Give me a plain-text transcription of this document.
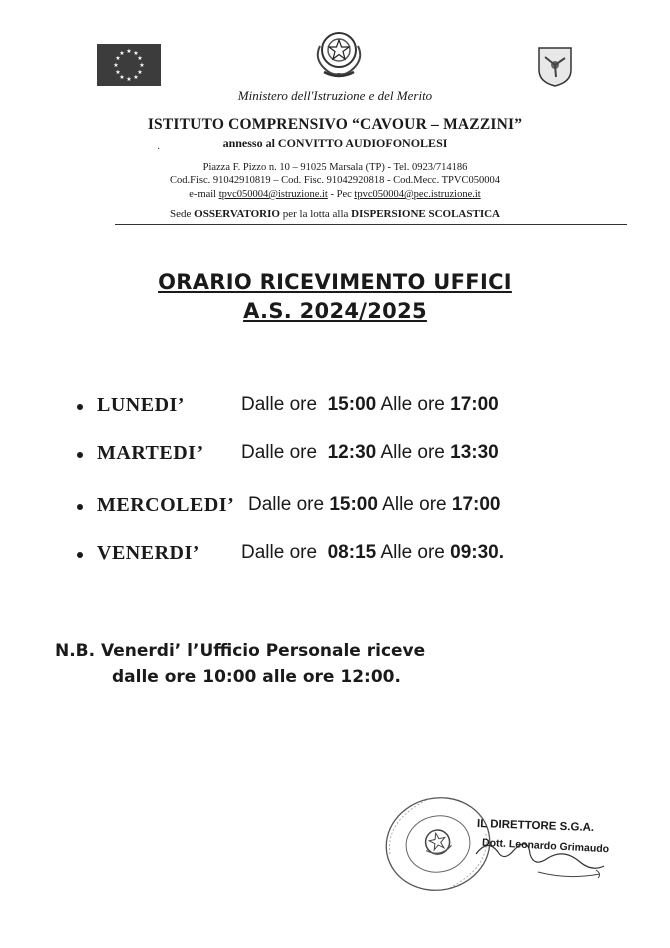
★ ★
★
★
★
★
★
★
★
★
★
★
Ministero dell'Istruzione e del Merito
ISTITUTO COMPRENSIVO “CAVOUR – MAZZINI”
annesso al CONVITTO AUDIOFONOLESI
·
Piazza F. Pizzo n. 10 – 91025 Marsala (TP) - Tel. 0923/714186
Cod.Fisc. 91042910819 – Cod. Fisc. 91042920818 - Cod.Mecc. TPVC050004
e-mail tpvc050004@istruzione.it - Pec tpvc050004@pec.istruzione.it
Sede OSSERVATORIO per la lotta alla DISPERSIONE SCOLASTICA
ORARIO RICEVIMENTO UFFICI
A.S. 2024/2025
LUNEDI’	Dalle ore 15:00 Alle ore 17:00
MARTEDI’ Dalle ore 12:30 Alle ore 13:30
MERCOLEDI’ Dalle ore 15:00 Alle ore 17:00
VENERDI’ Dalle ore 08:15 Alle ore 09:30.
N.B. Venerdi’ l’Ufficio Personale riceve
dalle ore 10:00 alle ore 12:00.
IL DIRETTORE S.G.A.
Dott. Leonardo Grimaudo
